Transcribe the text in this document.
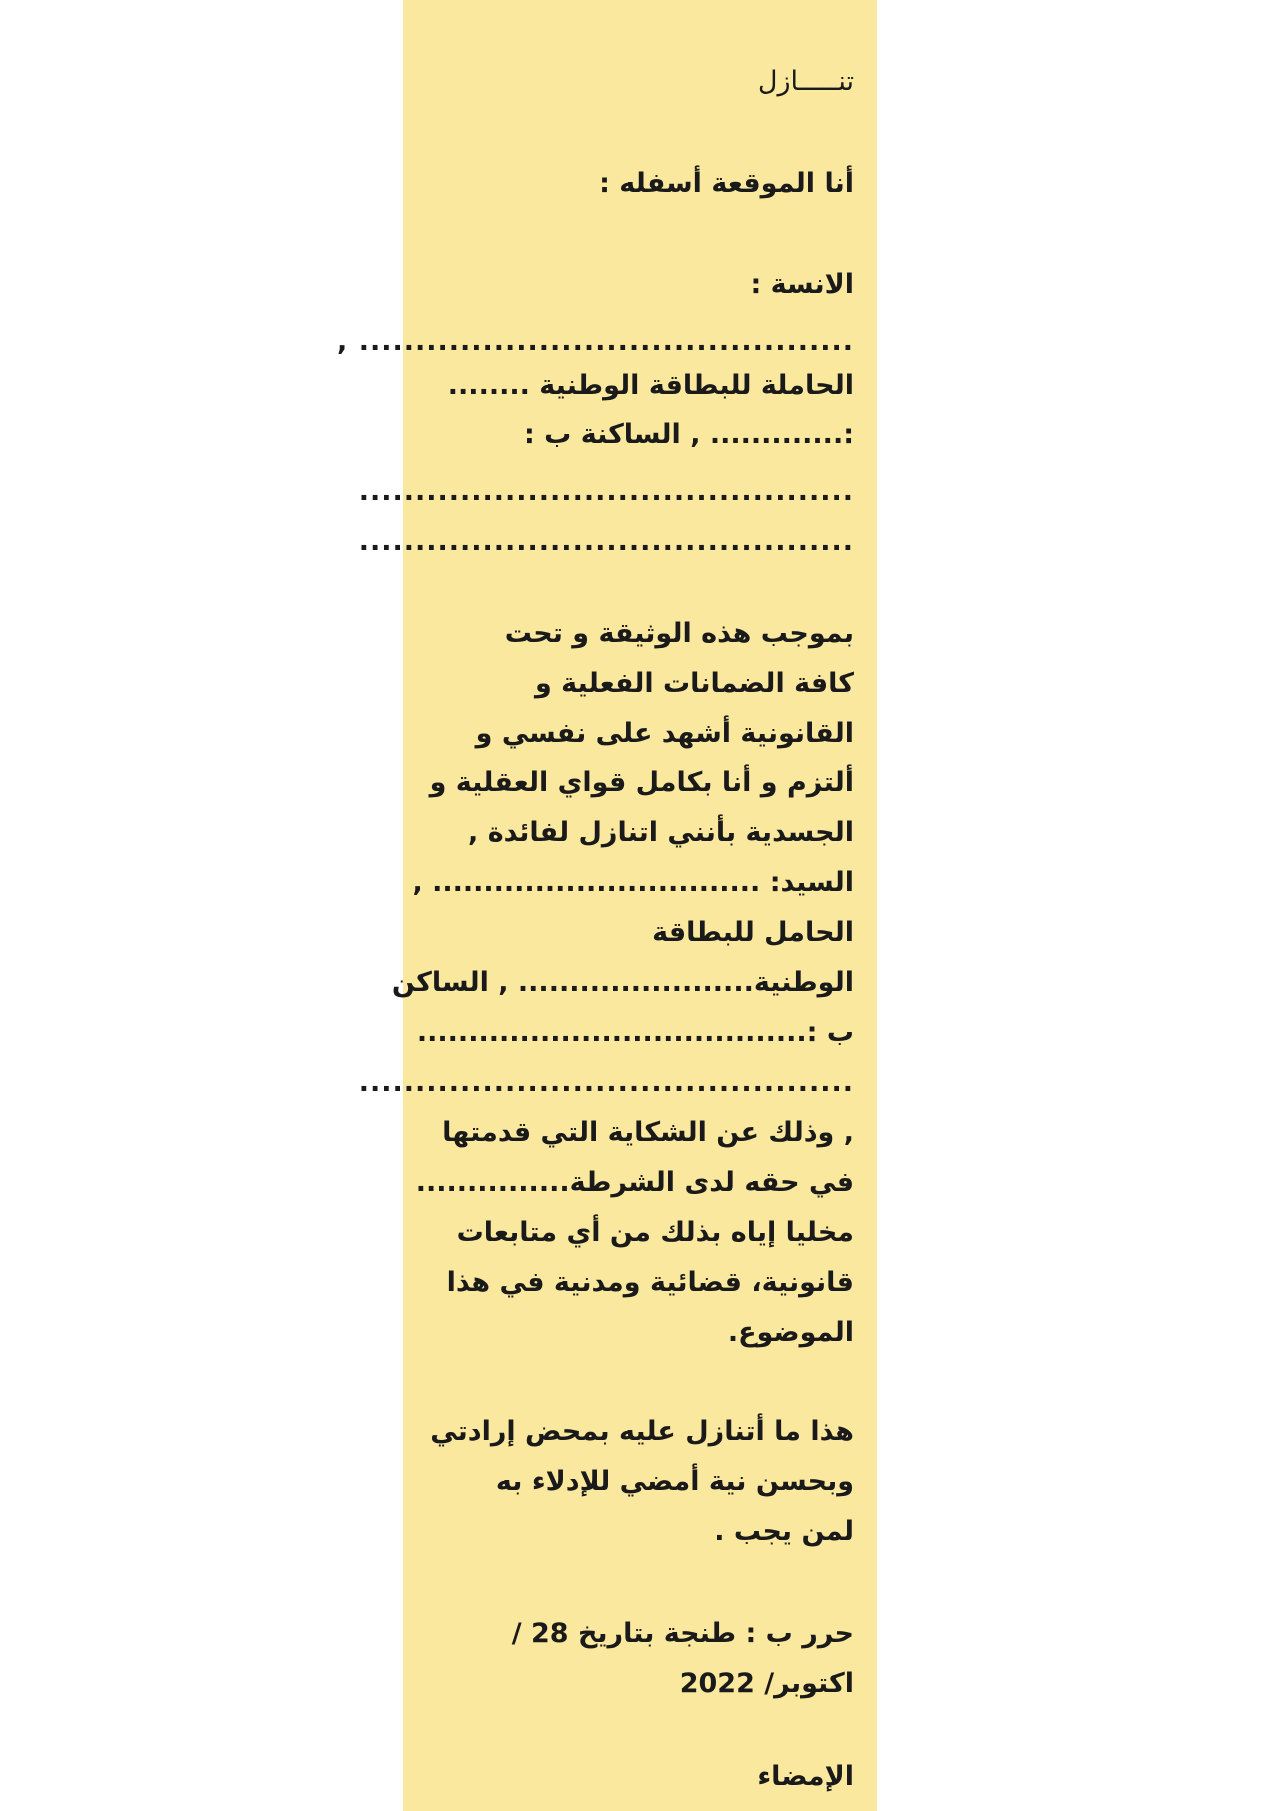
تنـــــازل
أنا الموقعة أسفله :
الانسة :
............................................ ,
الحاملة للبطاقة الوطنية ........
:............. , الساكنة ب :
............................................
............................................
بموجب هذه الوثيقة و تحت
كافة الضمانات الفعلية و
القانونية أشهد على نفسي و
ألتزم و أنا بكامل قواي العقلية و
الجسدية بأنني اتنازل لفائدة ,
السيد: ................................ ,
الحامل للبطاقة
الوطنية....................... , الساكن
ب :......................................
............................................
, وذلك عن الشكاية التي قدمتها
في حقه لدى الشرطة...............
مخليا إياه بذلك من أي متابعات
قانونية، قضائية ومدنية في هذا
الموضوع.
هذا ما أتنازل عليه بمحض إرادتي
وبحسن نية أمضي للإدلاء به
لمن يجب .
حرر ب : طنجة بتاريخ 28 /
اكتوبر/ 2022
الإمضاء
